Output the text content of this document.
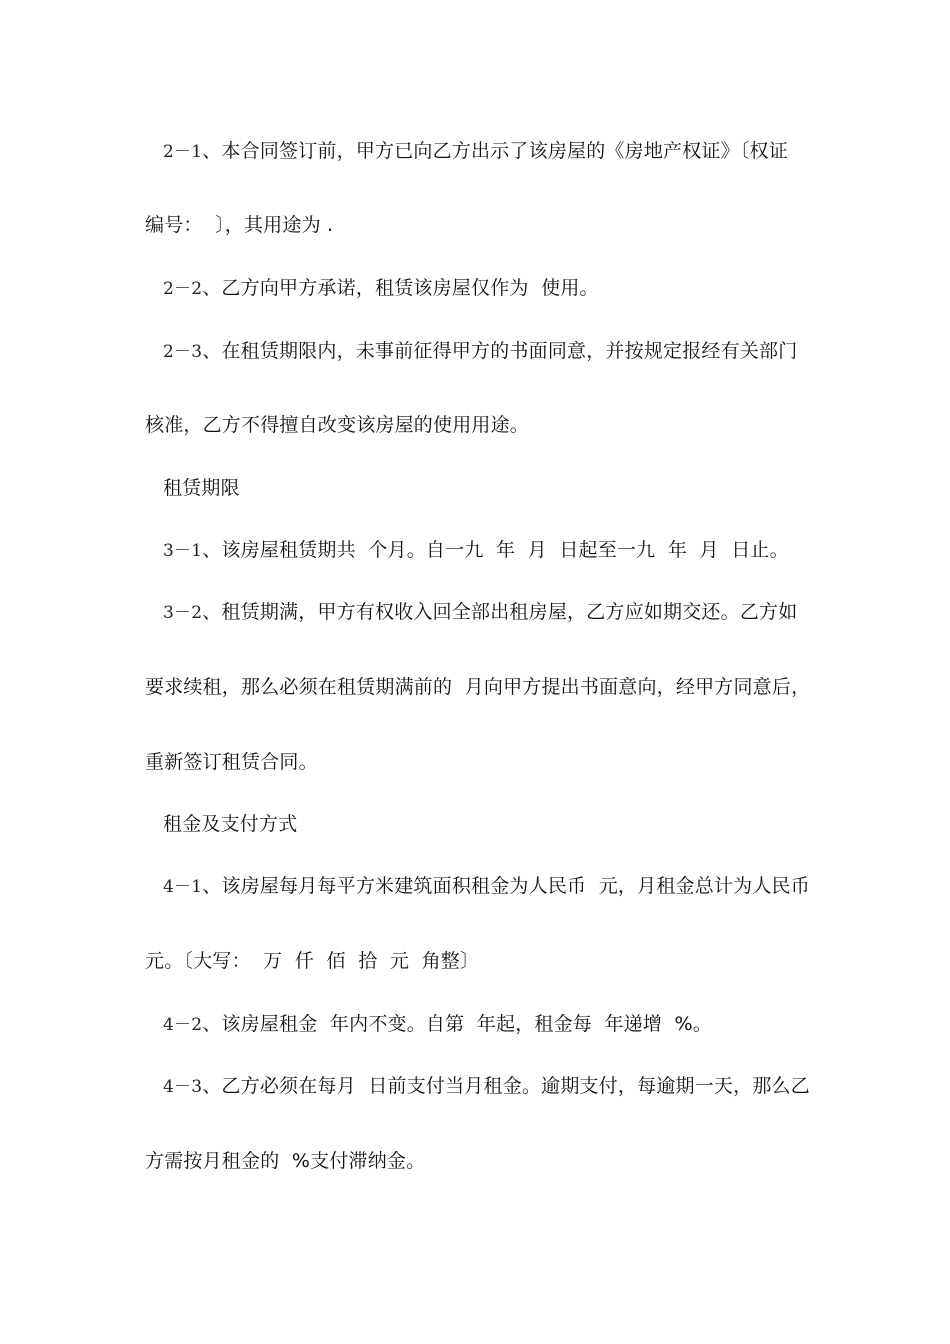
2－1、本合同签订前，甲方已向乙方出示了该房屋的《房地产权证》〔权证
编号：  〕，其用途为 .
2－2、乙方向甲方承诺，租赁该房屋仅作为  使用。
2－3、在租赁期限内，未事前征得甲方的书面同意，并按规定报经有关部门
核准，乙方不得擅自改变该房屋的使用用途。
租赁期限
3－1、该房屋租赁期共  个月。自一九  年  月  日起至一九  年  月  日止。
3－2、租赁期满，甲方有权收入回全部出租房屋，乙方应如期交还。乙方如
要求续租，那么必须在租赁期满前的  月向甲方提出书面意向，经甲方同意后，
重新签订租赁合同。
租金及支付方式
4－1、该房屋每月每平方米建筑面积租金为人民币  元，月租金总计为人民币
元。〔大写：  万  仟  佰  拾  元  角整〕
4－2、该房屋租金  年内不变。自第  年起，租金每  年递增  %。
4－3、乙方必须在每月  日前支付当月租金。逾期支付，每逾期一天，那么乙
方需按月租金的  %支付滞纳金。
